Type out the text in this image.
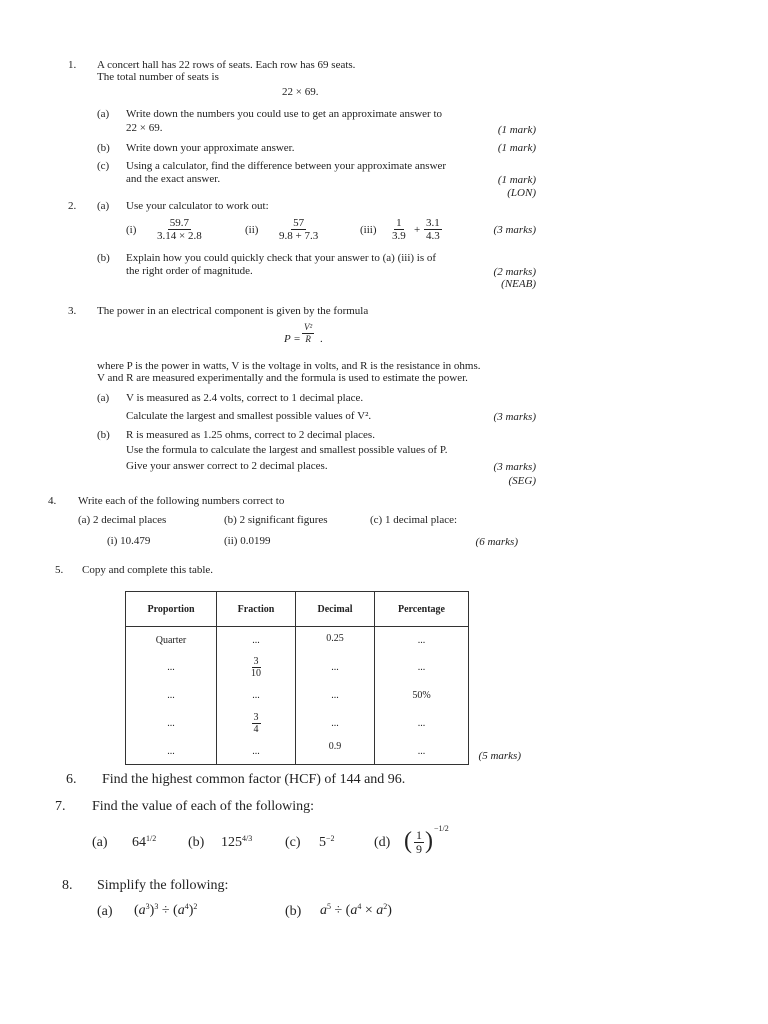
1. A concert hall has 22 rows of seats. Each row has 69 seats.
The total number of seats is
22 × 69.
(a) Write down the numbers you could use to get an approximate answer to
22 × 69.	(1 mark)
(b) Write down your approximate answer.	(1 mark)
(c) Using a calculator, find the difference between your approximate answer
and the exact answer.	(1 mark)
(LON)
2. (a) Use your calculator to work out:
$(i) \frac{59.7}{3.14 \times 2.8}$	$(ii) \frac{57}{9.8 + 7.3}$	$(iii) \frac{1}{3.9} + \frac{3.1}{4.3}$	(3 marks)
(b) Explain how you could quickly check that your answer to (a) (iii) is of
the right order of magnitude.	(2 marks)
(NEAB)
3. The power in an electrical component is given by the formula
$P = \frac{\text{V²}}{R}$ .
where P is the power in watts, V is the voltage in volts, and R is the resistance in ohms.
V and R are measured experimentally and the formula is used to estimate the power.
(a) V is measured as 2.4 volts, correct to 1 decimal place.
Calculate the largest and smallest possible values of V².	(3 marks)
(b) R is measured as 1.25 ohms, correct to 2 decimal places.
Use the formula to calculate the largest and smallest possible values of P.
Give your answer correct to 2 decimal places.	(3 marks)
(SEG)
4. Write each of the following numbers correct to
(a) 2 decimal places	(b) 2 significant figures	(c) 1 decimal place:
(i) 10.479	(ii) 0.0199	(6 marks)
5. Copy and complete this table.
Proportion	Fraction	Decimal	Percentage
Quarter	...	0.25	...
...	$\frac{3}{10}$	...	...
...	...	...	50%
...	$\frac{3}{4}$	...	...
...	...	0.9	...	(5 marks)
6. Find the highest common factor (HCF) of 144 and 96.
7. Find the value of each of the following:
(a) $64^{1/2}$ (b) $125^{4/3}$ (c) $5^{-2}$	(d) ( $\frac{1}{9}$ ) −1/2
8. Simplify the following:
(a) $(a^3)^3 \div (a^4)^2$	(b) $a^5 \div (a^4 \times a^2)$
